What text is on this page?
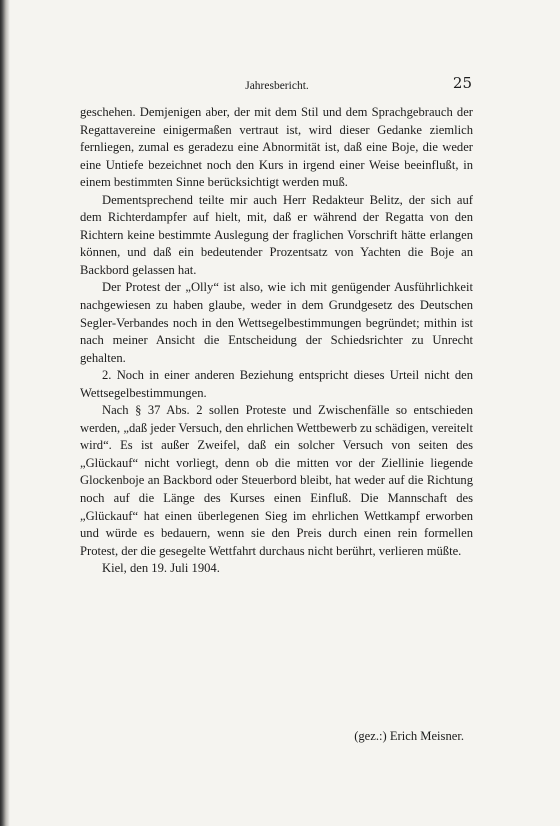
Jahresbericht.	25

geschehen. Demjenigen aber, der mit dem Stil und dem Sprachgebrauch der Regattavereine einigermaßen vertraut ist, wird dieser Gedanke ziemlich fernliegen, zumal es geradezu eine Abnormität ist, daß eine Boje, die weder eine Untiefe bezeichnet noch den Kurs in irgend einer Weise beeinflußt, in einem bestimmten Sinne berücksichtigt werden muß.

Dementsprechend teilte mir auch Herr Redakteur Belitz, der sich auf dem Richterdampfer auf hielt, mit, daß er während der Regatta von den Richtern keine bestimmte Auslegung der fraglichen Vorschrift hätte erlangen können, und daß ein bedeutender Prozentsatz von Yachten die Boje an Backbord gelassen hat.

Der Protest der „Olly“ ist also, wie ich mit genügender Ausführlichkeit nachgewiesen zu haben glaube, weder in dem Grundgesetz des Deutschen Segler-Verbandes noch in den Wettsegelbestimmungen begründet; mithin ist nach meiner Ansicht die Entscheidung der Schiedsrichter zu Unrecht gehalten.

2. Noch in einer anderen Beziehung entspricht dieses Urteil nicht den Wettsegelbestimmungen.

Nach § 37 Abs. 2 sollen Proteste und Zwischenfälle so entschieden werden, „daß jeder Versuch, den ehrlichen Wettbewerb zu schädigen, vereitelt wird“. Es ist außer Zweifel, daß ein solcher Versuch von seiten des „Glückauf“ nicht vorliegt, denn ob die mitten vor der Ziellinie liegende Glockenboje an Backbord oder Steuerbord bleibt, hat weder auf die Richtung noch auf die Länge des Kurses einen Einfluß. Die Mannschaft des „Glückauf“ hat einen überlegenen Sieg im ehrlichen Wettkampf erworben und würde es bedauern, wenn sie den Preis durch einen rein formellen Protest, der die gesegelte Wettfahrt durchaus nicht berührt, verlieren müßte.

Kiel, den 19. Juli 1904.

(gez.:) Erich Meisner.
